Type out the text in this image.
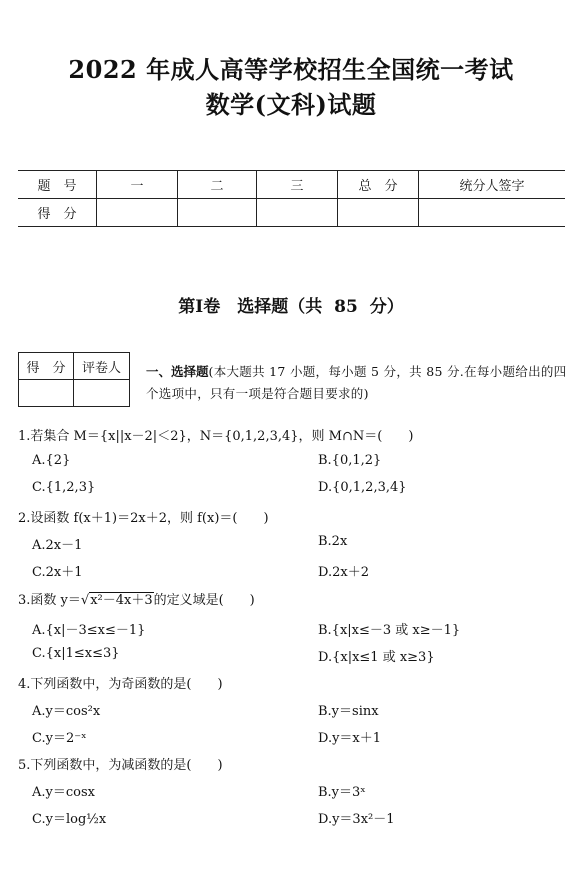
2022 年成人高等学校招生全国统一考试
数学(文科)试题
题　号	一	二	三	总　分	统分人签字
得　分					
第Ⅰ卷　选择题（共 85 分）
得　分	评卷人
	一、选择题(本大题共 17 小题，每小题 5 分，共 85 分.在每小题给出的四个选项中，只有一项是符合题目要求的)
1.若集合 M＝{x||x－2|＜2}，N＝{0,1,2,3,4}，则 M∩N＝(　　)
A.{2}	B.{0,1,2}
C.{1,2,3}	D.{0,1,2,3,4}
2.设函数 f(x＋1)＝2x＋2，则 f(x)＝(　　)
A.2x－1	B.2x
C.2x＋1	D.2x＋2
3.函数 y＝√x²－4x＋3的定义域是(　　)
A.{x|－3≤x≤－1}	B.{x|x≤－3 或 x≥－1}
C.{x|1≤x≤3}	D.{x|x≤1 或 x≥3}
4.下列函数中，为奇函数的是(　　)
A.y＝cos²x	B.y＝sinx
C.y＝2⁻ˣ	D.y＝x＋1
5.下列函数中，为减函数的是(　　)
A.y＝cosx	B.y＝3ˣ
C.y＝log½x	D.y＝3x²－1
